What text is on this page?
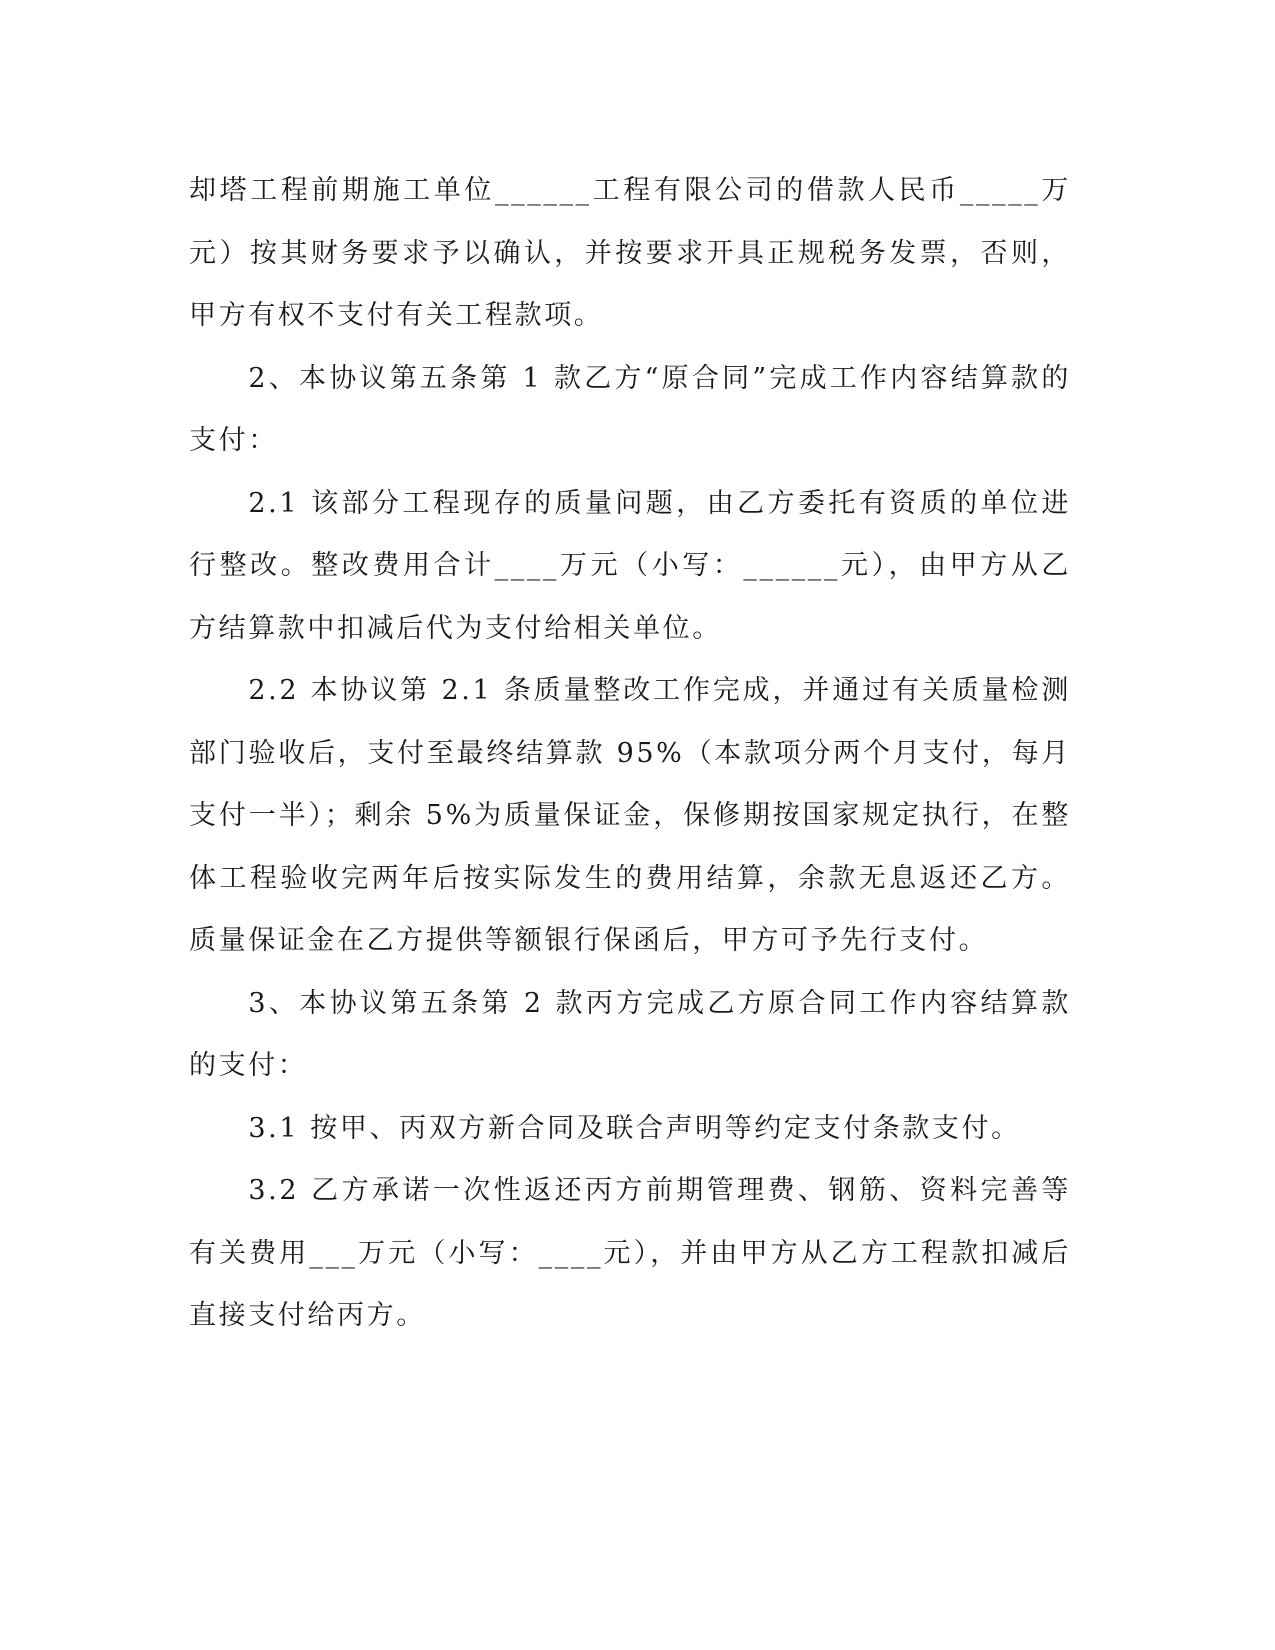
却塔工程前期施工单位______工程有限公司的借款人民币_____万元）按其财务要求予以确认，并按要求开具正规税务发票，否则，甲方有权不支付有关工程款项。

2、本协议第五条第 1 款乙方“原合同”完成工作内容结算款的支付：

2.1 该部分工程现存的质量问题，由乙方委托有资质的单位进行整改。整改费用合计____万元（小写：______元），由甲方从乙方结算款中扣减后代为支付给相关单位。

2.2 本协议第 2.1 条质量整改工作完成，并通过有关质量检测部门验收后，支付至最终结算款 95%（本款项分两个月支付，每月支付一半）；剩余 5%为质量保证金，保修期按国家规定执行，在整体工程验收完两年后按实际发生的费用结算，余款无息返还乙方。质量保证金在乙方提供等额银行保函后，甲方可予先行支付。

3、本协议第五条第 2 款丙方完成乙方原合同工作内容结算款的支付：

3.1 按甲、丙双方新合同及联合声明等约定支付条款支付。

3.2 乙方承诺一次性返还丙方前期管理费、钢筋、资料完善等有关费用___万元（小写：____元），并由甲方从乙方工程款扣减后直接支付给丙方。
